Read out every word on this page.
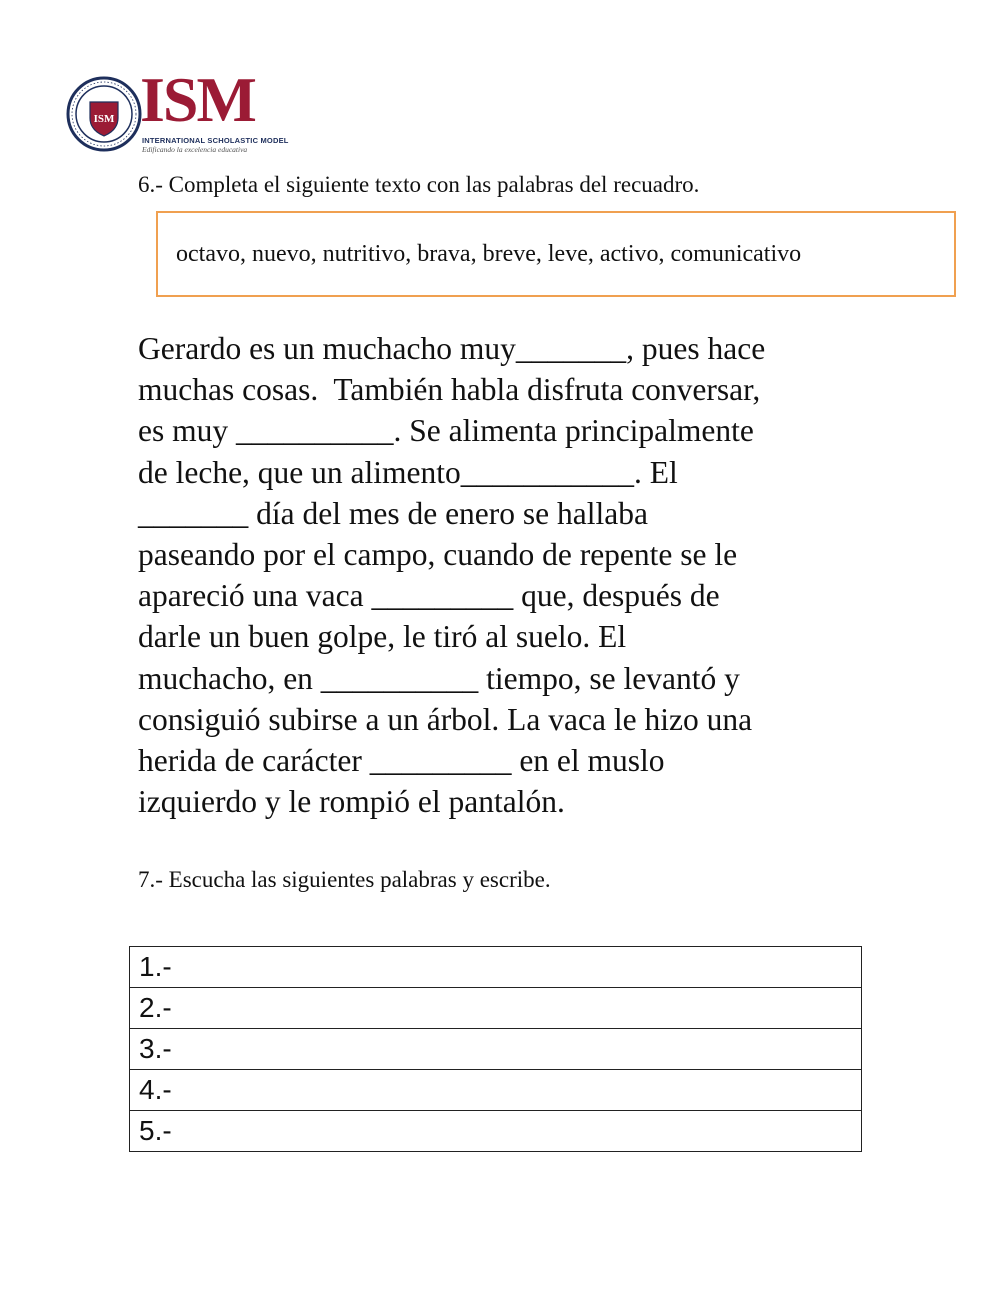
ISM ISM
INTERNATIONAL SCHOLASTIC MODEL
Edificando la excelencia educativa
6.- Completa el siguiente texto con las palabras del recuadro.
octavo, nuevo, nutritivo, brava, breve, leve, activo, comunicativo
Gerardo es un muchacho muy_______, pues hace
muchas cosas.  También habla disfruta conversar,
es muy __________. Se alimenta principalmente
de leche, que un alimento___________. El
_______ día del mes de enero se hallaba
paseando por el campo, cuando de repente se le
apareció una vaca _________ que, después de
darle un buen golpe, le tiró al suelo. El
muchacho, en __________ tiempo, se levantó y
consiguió subirse a un árbol. La vaca le hizo una
herida de carácter _________ en el muslo
izquierdo y le rompió el pantalón.
7.- Escucha las siguientes palabras y escribe.
1.-
2.-
3.-
4.-
5.-
